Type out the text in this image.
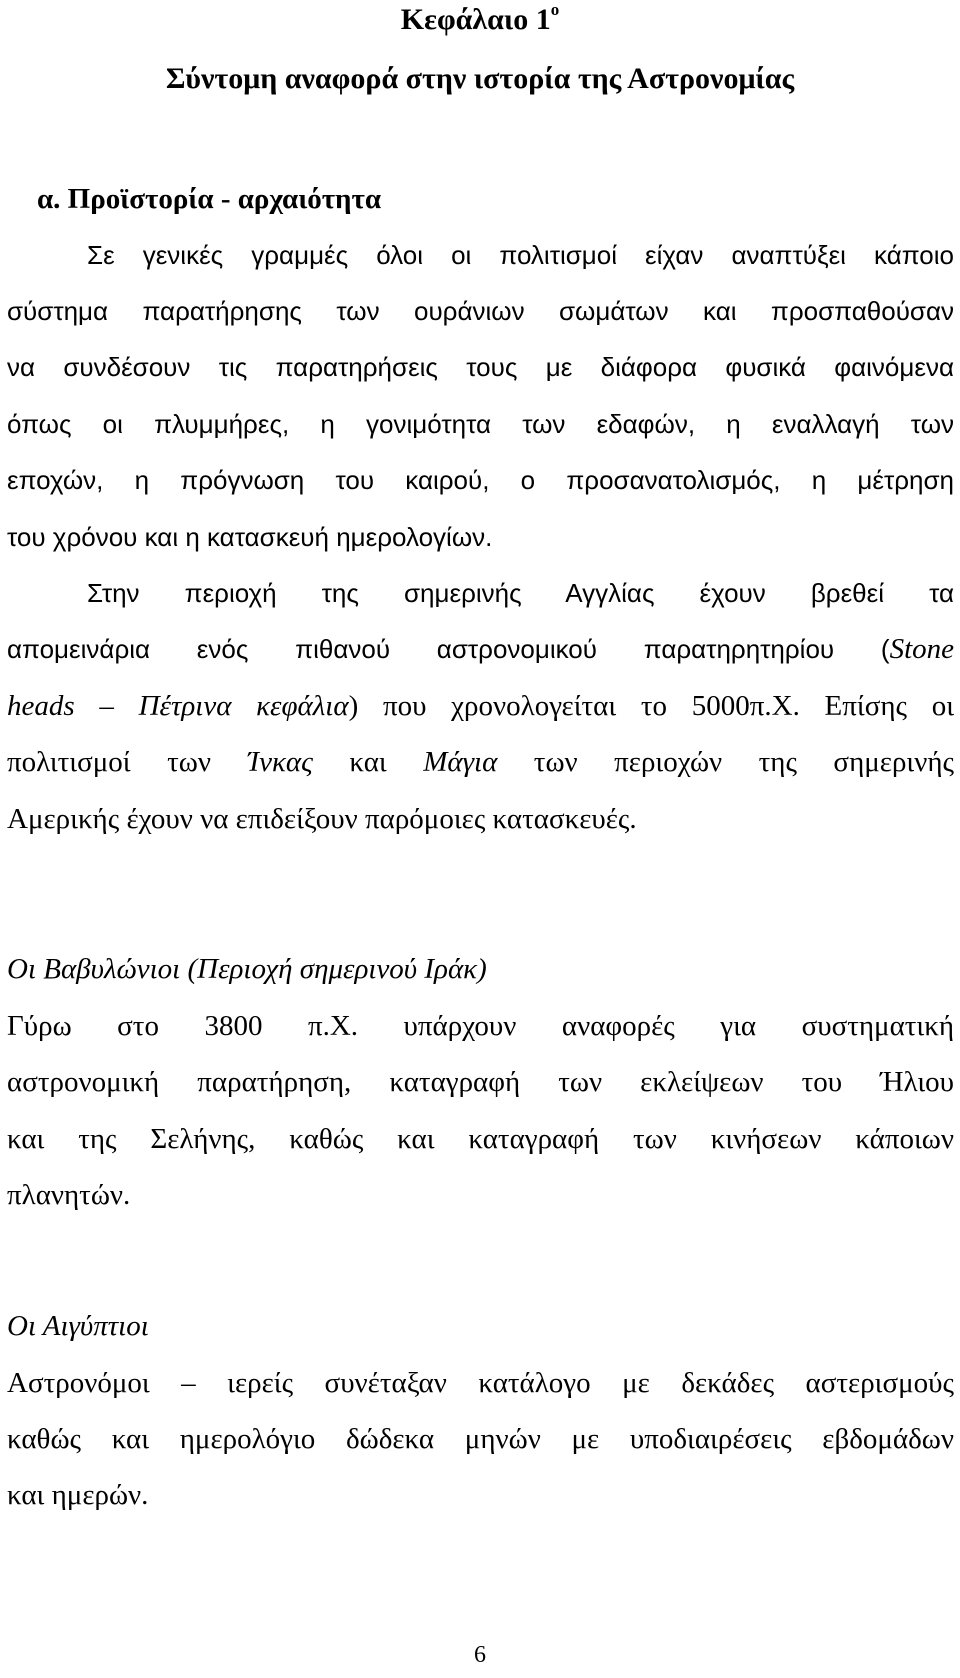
Κεφάλαιο $1^o$
Σύντομη αναφορά στην ιστορία της Αστρονομίας
α. Προϊστορία - αρχαιότητα
Σε γενικές γραμμές όλοι οι πολιτισμοί είχαν αναπτύξει κάποιο
σύστημα παρατήρησης των ουράνιων σωμάτων και προσπαθούσαν
να συνδέσουν τις παρατηρήσεις τους με διάφορα φυσικά φαινόμενα
όπως οι πλυμμήρες, η γονιμότητα των εδαφών, η εναλλαγή των
εποχών, η πρόγνωση του καιρού, ο προσανατολισμός, η μέτρηση
του χρόνου και η κατασκευή ημερολογίων.
Στην περιοχή της σημερινής Αγγλίας έχουν βρεθεί τα
απομεινάρια ενός πιθανού αστρονομικού παρατηρητηρίου (Stone
heads – Πέτρινα κεφάλια) που χρονολογείται το 5000π.Χ. Επίσης οι
πολιτισμοί των Ίνκας και Μάγια των περιοχών της σημερινής
Αμερικής έχουν να επιδείξουν παρόμοιες κατασκευές.
Οι Βαβυλώνιοι (Περιοχή σημερινού Ιράκ)
Γύρω στο 3800 π.Χ. υπάρχουν αναφορές για συστηματική
αστρονομική παρατήρηση, καταγραφή των εκλείψεων του Ήλιου
και της Σελήνης, καθώς και καταγραφή των κινήσεων κάποιων
πλανητών.
Οι Αιγύπτιοι
Αστρονόμοι – ιερείς συνέταξαν κατάλογο με δεκάδες αστερισμούς
καθώς και ημερολόγιο δώδεκα μηνών με υποδιαιρέσεις εβδομάδων
και ημερών.
6
